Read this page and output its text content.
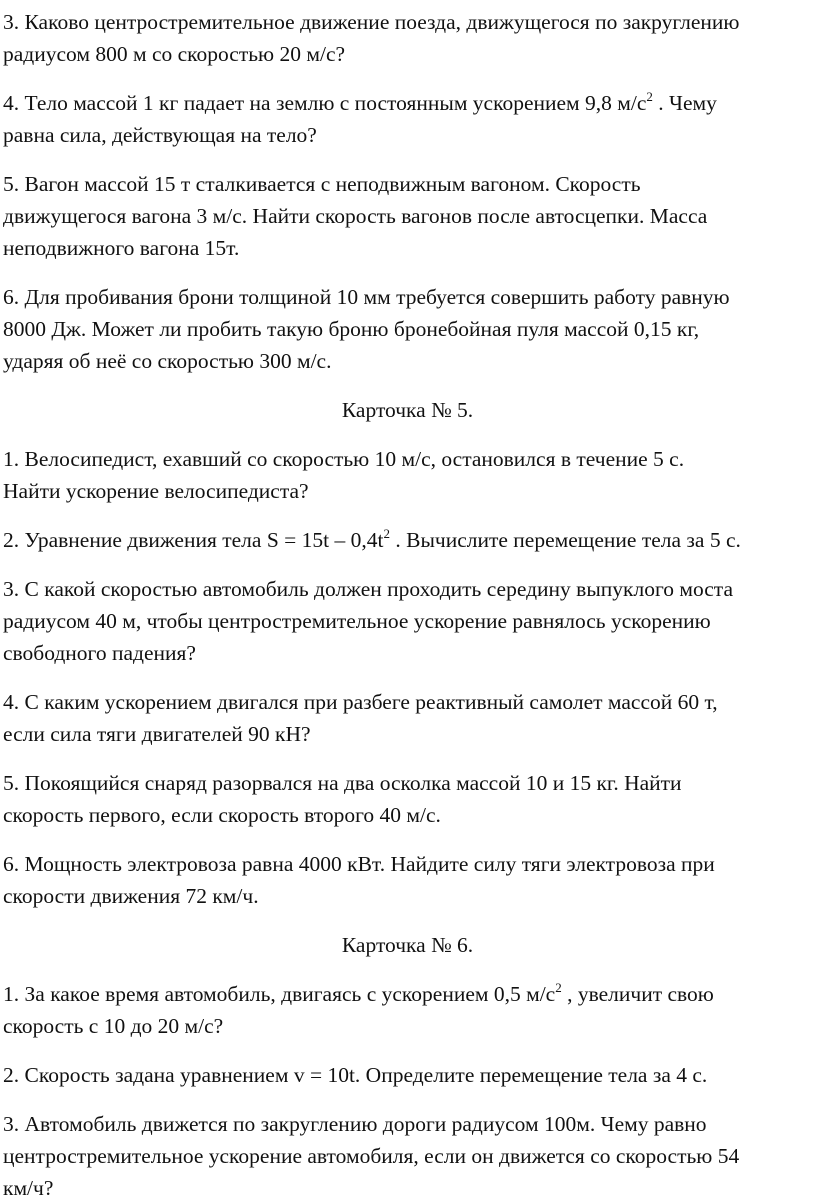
3. Каково центростремительное движение поезда, движущегося по закруглению
радиусом 800 м со скоростью 20 м/с?

4. Тело массой 1 кг падает на землю с постоянным ускорением 9,8 $м/с^2$ . Чему
равна сила, действующая на тело?

5. Вагон массой 15 т сталкивается с неподвижным вагоном. Скорость
движущегося вагона 3 м/с. Найти скорость вагонов после автосцепки. Масса
неподвижного вагона 15т.

6. Для пробивания брони толщиной 10 мм требуется совершить работу равную
8000 Дж. Может ли пробить такую броню бронебойная пуля массой 0,15 кг,
ударяя об неё со скоростью 300 м/с.

Карточка № 5.

1. Велосипедист, ехавший со скоростью 10 м/с, остановился в течение 5 с.
Найти ускорение велосипедиста?

2. Уравнение движения тела $S = 15t - 0,4t^2$ . Вычислите перемещение тела за 5 с.

3. С какой скоростью автомобиль должен проходить середину выпуклого моста
радиусом 40 м, чтобы центростремительное ускорение равнялось ускорению
свободного падения?

4. С каким ускорением двигался при разбеге реактивный самолет массой 60 т,
если сила тяги двигателей 90 кН?

5. Покоящийся снаряд разорвался на два осколка массой 10 и 15 кг. Найти
скорость первого, если скорость второго 40 м/с.

6. Мощность электровоза равна 4000 кВт. Найдите силу тяги электровоза при
скорости движения 72 км/ч.

Карточка № 6.

1. За какое время автомобиль, двигаясь с ускорением 0,5 $м/с^2$ , увеличит свою
скорость с 10 до 20 м/с?

2. Скорость задана уравнением v = 10t. Определите перемещение тела за 4 с.

3. Автомобиль движется по закруглению дороги радиусом 100м. Чему равно
центростремительное ускорение автомобиля, если он движется со скоростью 54
км/ч?
